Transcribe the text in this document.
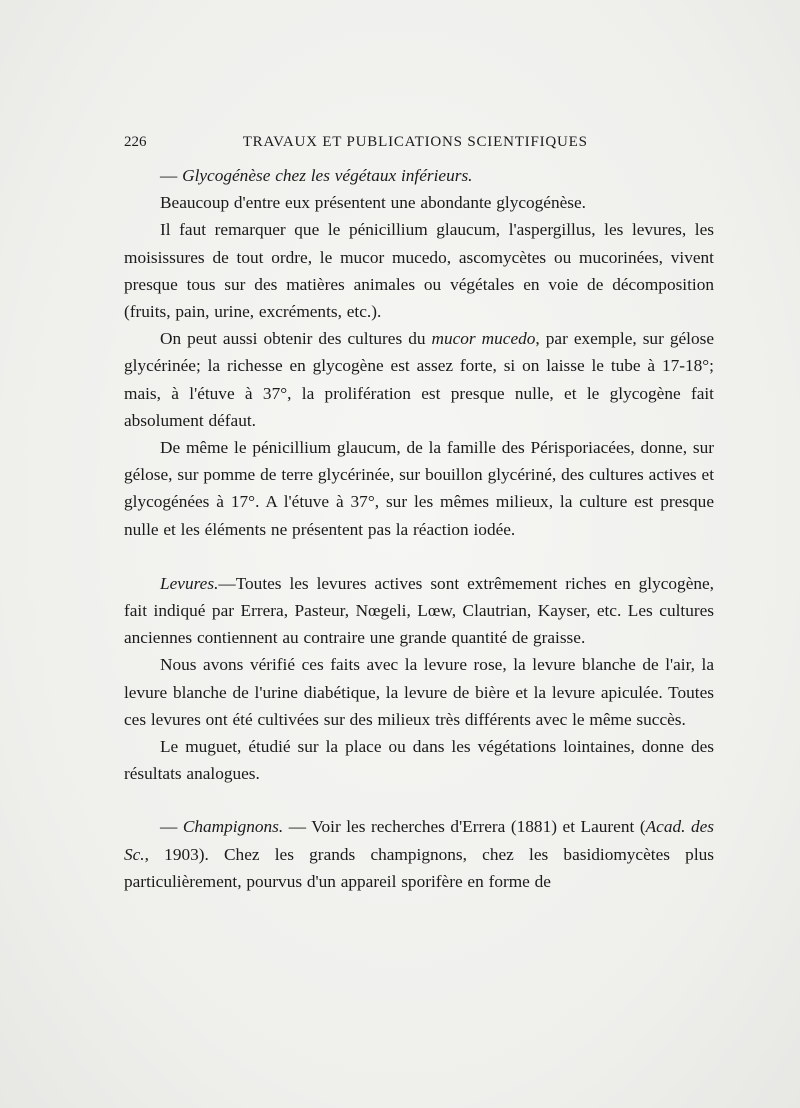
226	TRAVAUX ET PUBLICATIONS SCIENTIFIQUES

— Glycogénèse chez les végétaux inférieurs.

Beaucoup d'entre eux présentent une abondante glycogénèse.

Il faut remarquer que le pénicillium glaucum, l'aspergillus, les levures, les moisissures de tout ordre, le mucor mucedo, ascomycètes ou mucorinées, vivent presque tous sur des matières animales ou végétales en voie de décomposition (fruits, pain, urine, excréments, etc.).

On peut aussi obtenir des cultures du mucor mucedo, par exemple, sur gélose glycérinée; la richesse en glycogène est assez forte, si on laisse le tube à 17-18°; mais, à l'étuve à 37°, la prolifération est presque nulle, et le glycogène fait absolument défaut.

De même le pénicillium glaucum, de la famille des Périsporiacées, donne, sur gélose, sur pomme de terre glycérinée, sur bouillon glycériné, des cultures actives et glycogénées à 17°. A l'étuve à 37°, sur les mêmes milieux, la culture est presque nulle et les éléments ne présentent pas la réaction iodée.

Levures.—Toutes les levures actives sont extrêmement riches en glycogène, fait indiqué par Errera, Pasteur, Nœgeli, Lœw, Clautrian, Kayser, etc. Les cultures anciennes contiennent au contraire une grande quantité de graisse.

Nous avons vérifié ces faits avec la levure rose, la levure blanche de l'air, la levure blanche de l'urine diabétique, la levure de bière et la levure apiculée. Toutes ces levures ont été cultivées sur des milieux très différents avec le même succès.

Le muguet, étudié sur la place ou dans les végétations lointaines, donne des résultats analogues.

— Champignons. — Voir les recherches d'Errera (1881) et Laurent (Acad. des Sc., 1903). Chez les grands champignons, chez les basidiomycètes plus particulièrement, pourvus d'un appareil sporifère en forme de
